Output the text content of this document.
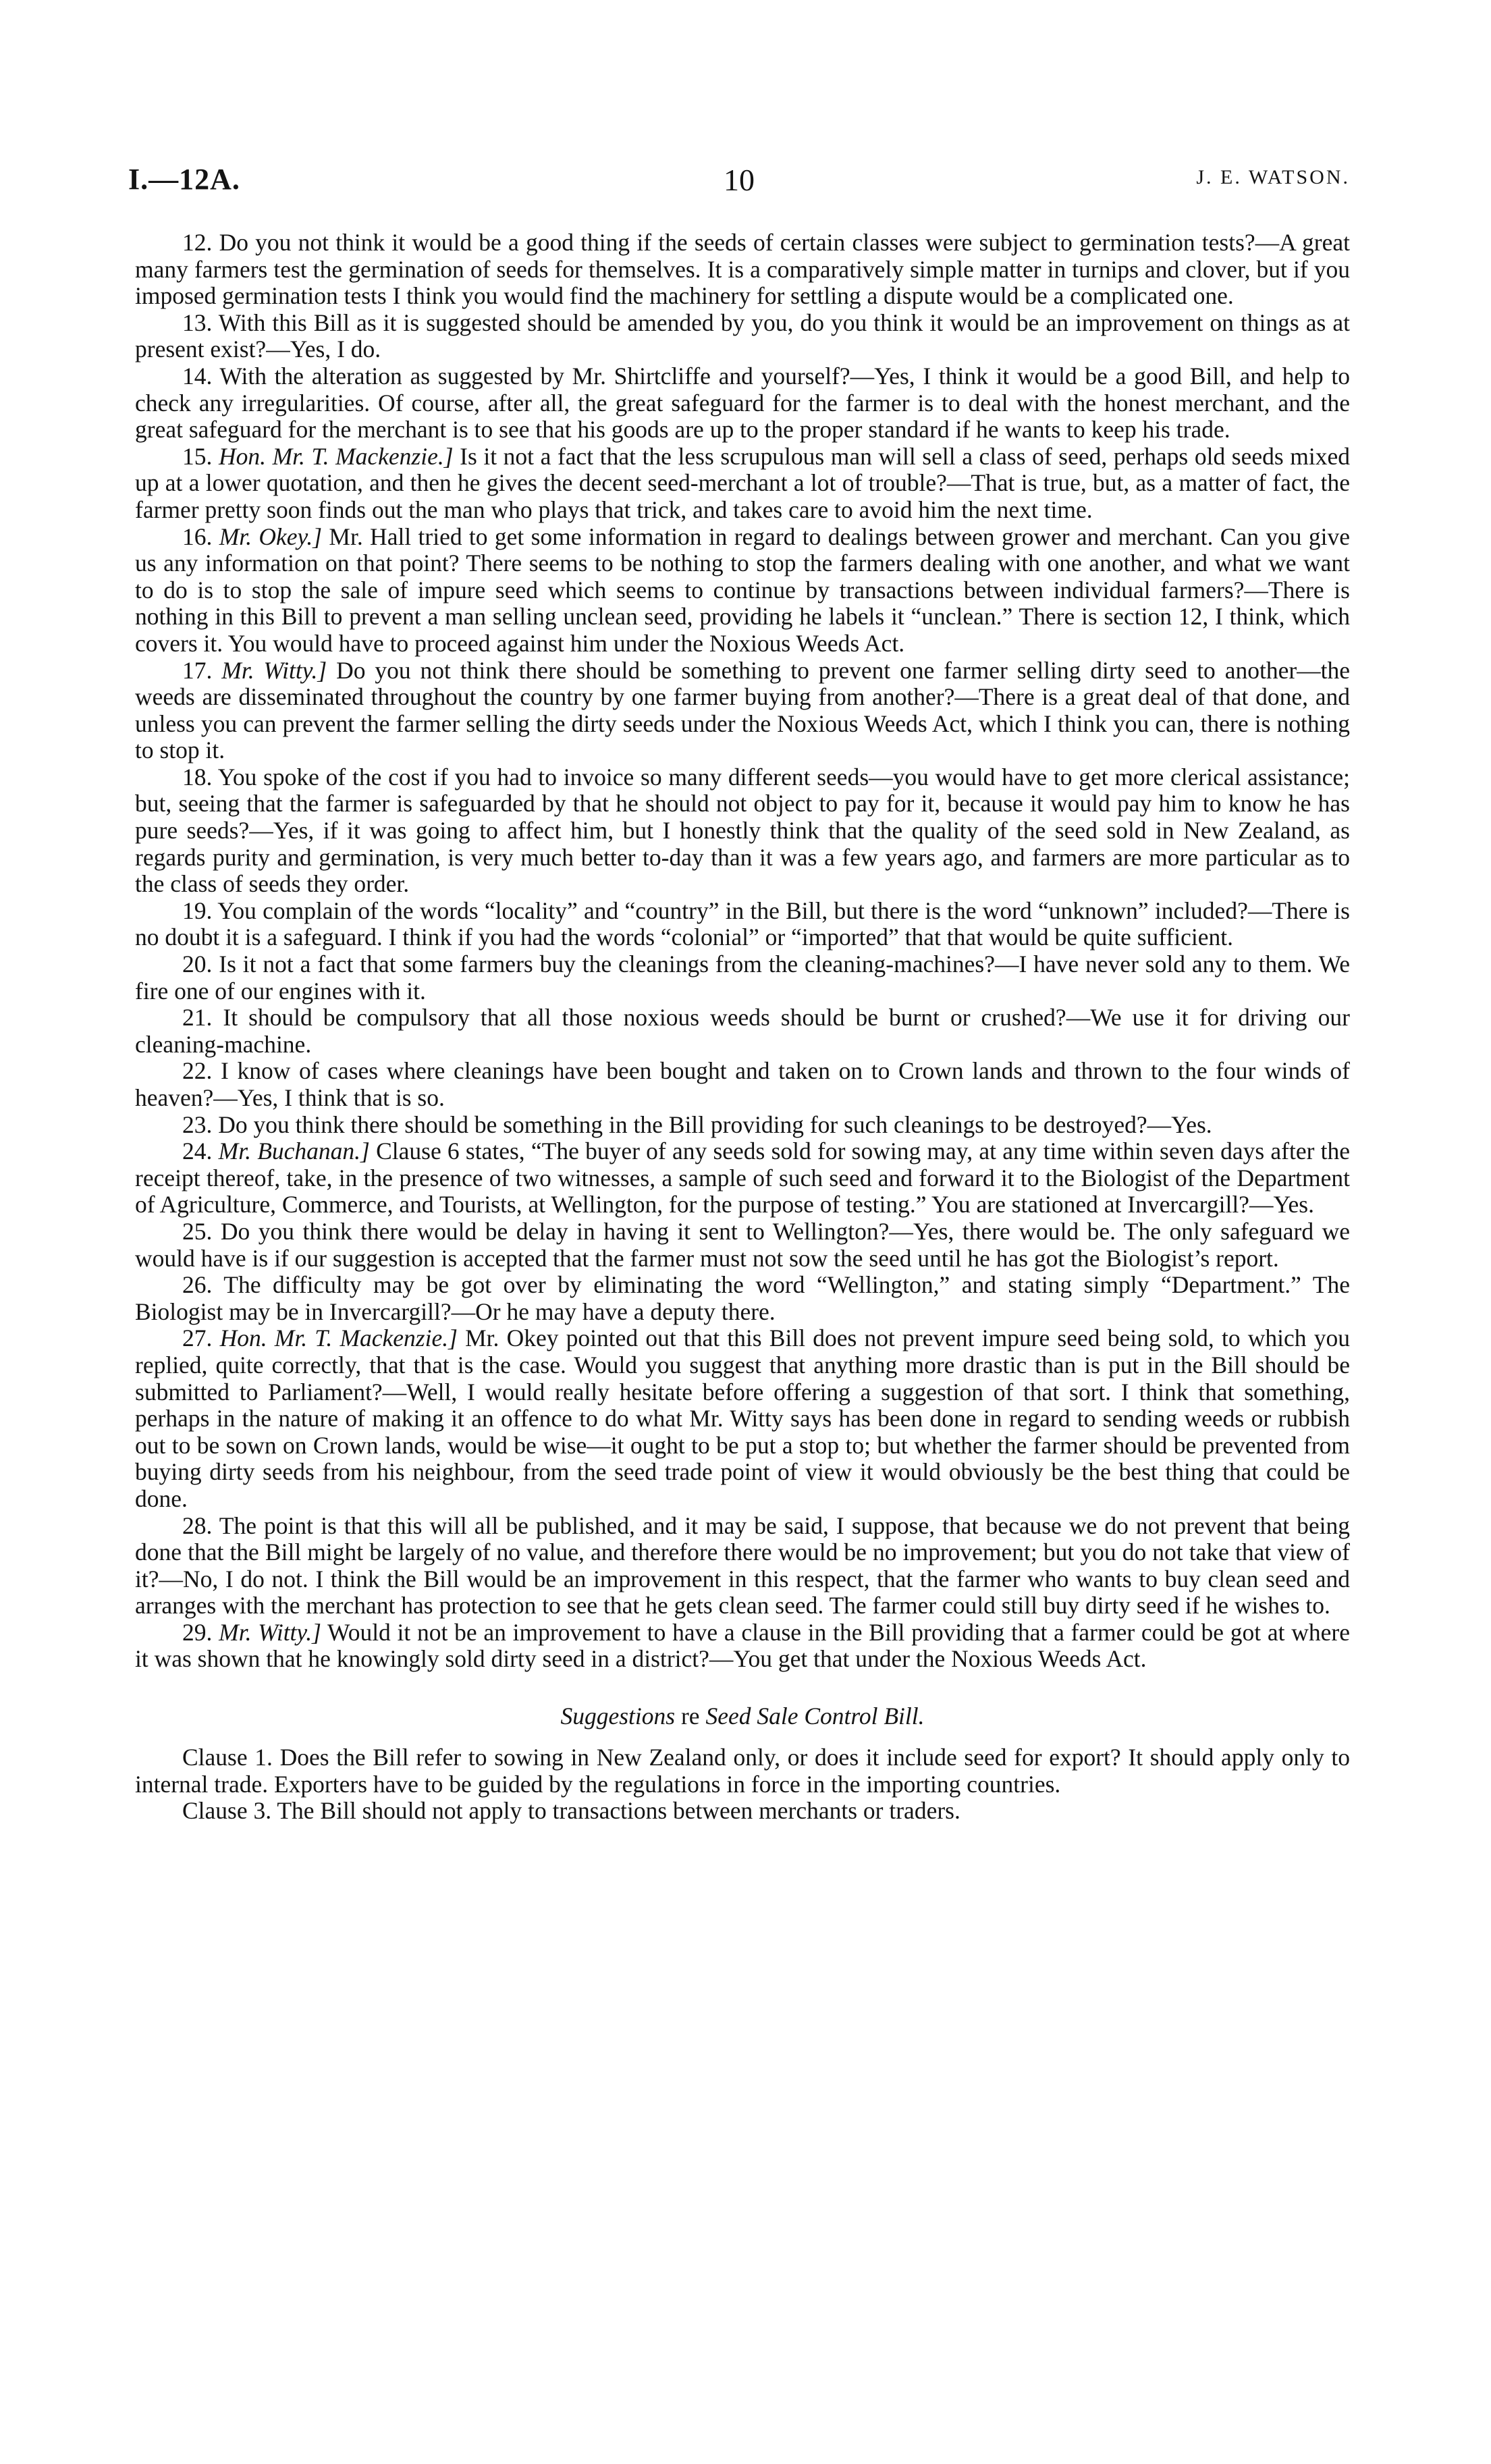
I.—12A.	10	J. E. WATSON.

12. Do you not think it would be a good thing if the seeds of certain classes were subject to germination tests?—A great many farmers test the germination of seeds for themselves. It is a comparatively simple matter in turnips and clover, but if you imposed germination tests I think you would find the machinery for settling a dispute would be a complicated one.

13. With this Bill as it is suggested should be amended by you, do you think it would be an improvement on things as at present exist?—Yes, I do.

14. With the alteration as suggested by Mr. Shirtcliffe and yourself?—Yes, I think it would be a good Bill, and help to check any irregularities. Of course, after all, the great safeguard for the farmer is to deal with the honest merchant, and the great safeguard for the merchant is to see that his goods are up to the proper standard if he wants to keep his trade.

15. Hon. Mr. T. Mackenzie.] Is it not a fact that the less scrupulous man will sell a class of seed, perhaps old seeds mixed up at a lower quotation, and then he gives the decent seed-merchant a lot of trouble?—That is true, but, as a matter of fact, the farmer pretty soon finds out the man who plays that trick, and takes care to avoid him the next time.

16. Mr. Okey.] Mr. Hall tried to get some information in regard to dealings between grower and merchant. Can you give us any information on that point? There seems to be nothing to stop the farmers dealing with one another, and what we want to do is to stop the sale of impure seed which seems to continue by transactions between individual farmers?—There is nothing in this Bill to prevent a man selling unclean seed, providing he labels it “unclean.” There is section 12, I think, which covers it. You would have to proceed against him under the Noxious Weeds Act.

17. Mr. Witty.] Do you not think there should be something to prevent one farmer selling dirty seed to another—the weeds are disseminated throughout the country by one farmer buying from another?—There is a great deal of that done, and unless you can prevent the farmer selling the dirty seeds under the Noxious Weeds Act, which I think you can, there is nothing to stop it.

18. You spoke of the cost if you had to invoice so many different seeds—you would have to get more clerical assistance; but, seeing that the farmer is safeguarded by that he should not object to pay for it, because it would pay him to know he has pure seeds?—Yes, if it was going to affect him, but I honestly think that the quality of the seed sold in New Zealand, as regards purity and germination, is very much better to-day than it was a few years ago, and farmers are more particular as to the class of seeds they order.

19. You complain of the words “locality” and “country” in the Bill, but there is the word “unknown” included?—There is no doubt it is a safeguard. I think if you had the words “colonial” or “imported” that that would be quite sufficient.

20. Is it not a fact that some farmers buy the cleanings from the cleaning-machines?—I have never sold any to them. We fire one of our engines with it.

21. It should be compulsory that all those noxious weeds should be burnt or crushed?—We use it for driving our cleaning-machine.

22. I know of cases where cleanings have been bought and taken on to Crown lands and thrown to the four winds of heaven?—Yes, I think that is so.

23. Do you think there should be something in the Bill providing for such cleanings to be destroyed?—Yes.

24. Mr. Buchanan.] Clause 6 states, “The buyer of any seeds sold for sowing may, at any time within seven days after the receipt thereof, take, in the presence of two witnesses, a sample of such seed and forward it to the Biologist of the Department of Agriculture, Commerce, and Tourists, at Wellington, for the purpose of testing.” You are stationed at Invercargill?—Yes.

25. Do you think there would be delay in having it sent to Wellington?—Yes, there would be. The only safeguard we would have is if our suggestion is accepted that the farmer must not sow the seed until he has got the Biologist’s report.

26. The difficulty may be got over by eliminating the word “Wellington,” and stating simply “Department.” The Biologist may be in Invercargill?—Or he may have a deputy there.

27. Hon. Mr. T. Mackenzie.] Mr. Okey pointed out that this Bill does not prevent impure seed being sold, to which you replied, quite correctly, that that is the case. Would you suggest that anything more drastic than is put in the Bill should be submitted to Parliament?—Well, I would really hesitate before offering a suggestion of that sort. I think that something, perhaps in the nature of making it an offence to do what Mr. Witty says has been done in regard to sending weeds or rubbish out to be sown on Crown lands, would be wise—it ought to be put a stop to; but whether the farmer should be prevented from buying dirty seeds from his neighbour, from the seed trade point of view it would obviously be the best thing that could be done.

28. The point is that this will all be published, and it may be said, I suppose, that because we do not prevent that being done that the Bill might be largely of no value, and therefore there would be no improvement; but you do not take that view of it?—No, I do not. I think the Bill would be an improvement in this respect, that the farmer who wants to buy clean seed and arranges with the merchant has protection to see that he gets clean seed. The farmer could still buy dirty seed if he wishes to.

29. Mr. Witty.] Would it not be an improvement to have a clause in the Bill providing that a farmer could be got at where it was shown that he knowingly sold dirty seed in a district?—You get that under the Noxious Weeds Act.

Suggestions re Seed Sale Control Bill.

Clause 1. Does the Bill refer to sowing in New Zealand only, or does it include seed for export? It should apply only to internal trade. Exporters have to be guided by the regulations in force in the importing countries.

Clause 3. The Bill should not apply to transactions between merchants or traders.
